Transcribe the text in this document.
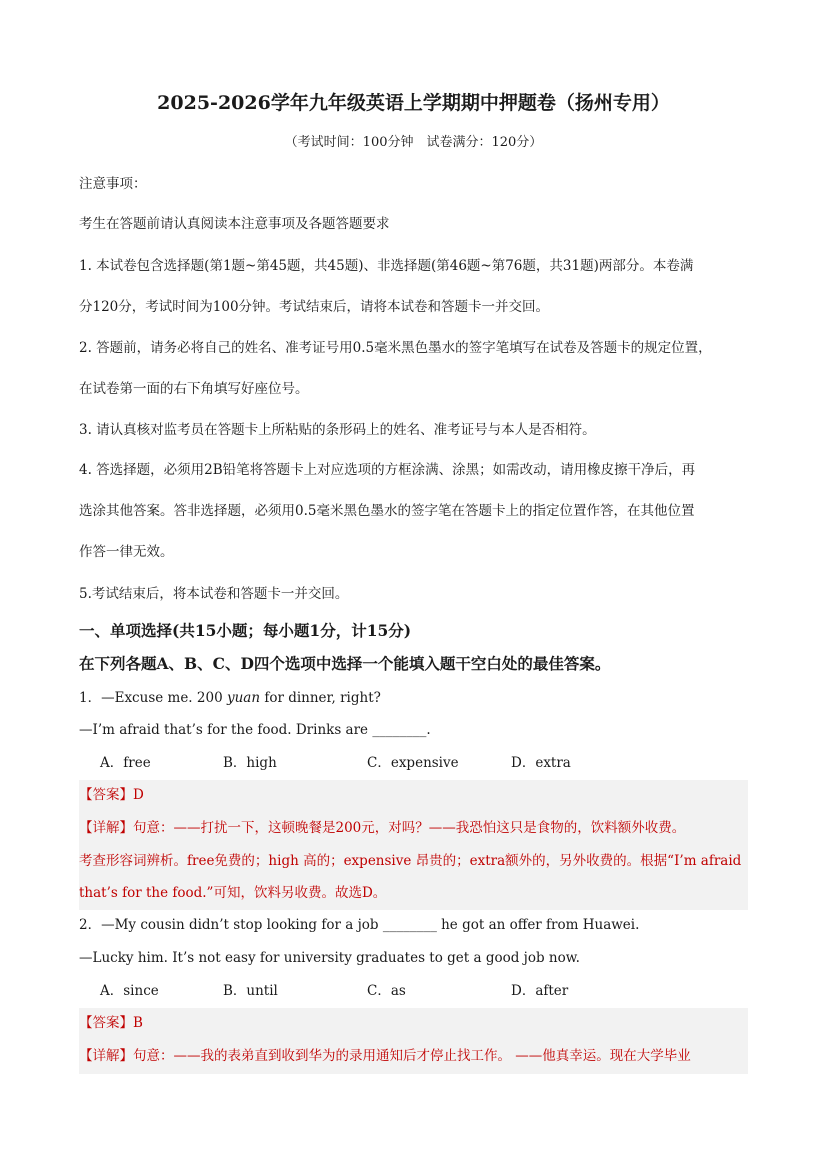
2025-2026学年九年级英语上学期期中押题卷（扬州专用）
（考试时间：100分钟　试卷满分：120分）
注意事项：
考生在答题前请认真阅读本注意事项及各题答题要求
1. 本试卷包含选择题(第1题~第45题，共45题)、非选择题(第46题~第76题，共31题)两部分。本卷满
分120分，考试时间为100分钟。考试结束后，请将本试卷和答题卡一并交回。
2. 答题前，请务必将自己的姓名、准考证号用0.5毫米黑色墨水的签字笔填写在试卷及答题卡的规定位置，
在试卷第一面的右下角填写好座位号。
3. 请认真核对监考员在答题卡上所粘贴的条形码上的姓名、准考证号与本人是否相符。
4. 答选择题，必须用2B铅笔将答题卡上对应选项的方框涂满、涂黑；如需改动，请用橡皮擦干净后，再
选涂其他答案。答非选择题，必须用0.5毫米黑色墨水的签字笔在答题卡上的指定位置作答，在其他位置
作答一律无效。
5.考试结束后，将本试卷和答题卡一并交回。
一、单项选择(共15小题；每小题1分，计15分)
在下列各题A、B、C、D四个选项中选择一个能填入题干空白处的最佳答案。
1．—Excuse me. 200 yuan for dinner, right?
—I’m afraid that’s for the food. Drinks are ________.
A．free	B．high	C．expensive	D．extra
【答案】D
【详解】句意：——打扰一下，这顿晚餐是200元，对吗？——我恐怕这只是食物的，饮料额外收费。
考查形容词辨析。free免费的；high 高的；expensive 昂贵的；extra额外的，另外收费的。根据“I’m afraid
that’s for the food.”可知，饮料另收费。故选D。
2．—My cousin didn’t stop looking for a job ________ he got an offer from Huawei.
—Lucky him. It’s not easy for university graduates to get a good job now.
A．since	B．until	C．as	D．after
【答案】B
【详解】句意：——我的表弟直到收到华为的录用通知后才停止找工作。 ——他真幸运。现在大学毕业
